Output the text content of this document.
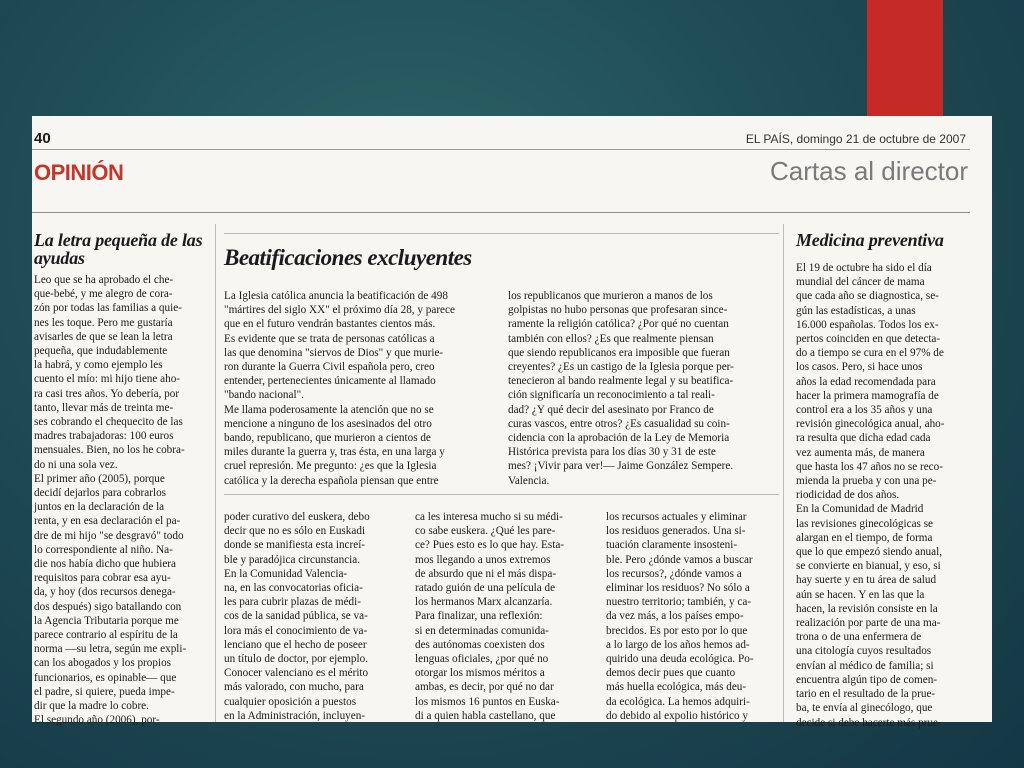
40	EL PAÍS, domingo 21 de octubre de 2007
OPINIÓN	Cartas al director
La letra pequeña de las ayudas

Leo que se ha aprobado el che-
que-bebé, y me alegro de cora-
zón por todas las familias a quie-
nes les toque. Pero me gustaría
avisarles de que se lean la letra
pequeña, que indudablemente
la habrá, y como ejemplo les
cuento el mío: mi hijo tiene aho-
ra casi tres años. Yo debería, por
tanto, llevar más de treinta me-
ses cobrando el chequecito de las
madres trabajadoras: 100 euros
mensuales. Bien, no los he cobra-
do ni una sola vez.

El primer año (2005), porque
decidí dejarlos para cobrarlos
juntos en la declaración de la
renta, y en esa declaración el pa-
dre de mi hijo "se desgravó" todo
lo correspondiente al niño. Na-
die nos había dicho que hubiera
requisitos para cobrar esa ayu-
da, y hoy (dos recursos denega-
dos después) sigo batallando con
la Agencia Tributaria porque me
parece contrario al espíritu de la
norma —su letra, según me expli-
can los abogados y los propios
funcionarios, es opinable— que
el padre, si quiere, pueda impe-
dir que la madre lo cobre.

El segundo año (2006), por-

Beatificaciones excluyentes

La Iglesia católica anuncia la beatificación de 498
"mártires del siglo XX" el próximo día 28, y parece
que en el futuro vendrán bastantes cientos más.
Es evidente que se trata de personas católicas a
las que denomina "siervos de Dios" y que murie-
ron durante la Guerra Civil española pero, creo
entender, pertenecientes únicamente al llamado
"bando nacional".

Me llama poderosamente la atención que no se
mencione a ninguno de los asesinados del otro
bando, republicano, que murieron a cientos de
miles durante la guerra y, tras ésta, en una larga y
cruel represión. Me pregunto: ¿es que la Iglesia
católica y la derecha española piensan que entre

los republicanos que murieron a manos de los
golpistas no hubo personas que profesaran since-
ramente la religión católica? ¿Por qué no cuentan
también con ellos? ¿Es que realmente piensan
que siendo republicanos era imposible que fueran
creyentes? ¿Es un castigo de la Iglesia porque per-
tenecieron al bando realmente legal y su beatifica-
ción significaría un reconocimiento a tal reali-
dad? ¿Y qué decir del asesinato por Franco de
curas vascos, entre otros? ¿Es casualidad su coin-
cidencia con la aprobación de la Ley de Memoria
Histórica prevista para los días 30 y 31 de este
mes? ¡Vivir para ver!— Jaime González Sempere.
Valencia.

poder curativo del euskera, debo
decir que no es sólo en Euskadi
donde se manifiesta esta increí-
ble y paradójica circunstancia.

En la Comunidad Valencia-
na, en las convocatorias oficia-
les para cubrir plazas de médi-
cos de la sanidad pública, se va-
lora más el conocimiento de va-
lenciano que el hecho de poseer
un título de doctor, por ejemplo.
Conocer valenciano es el mérito
más valorado, con mucho, para
cualquier oposición a puestos
en la Administración, incluyen-

ca les interesa mucho si su médi-
co sabe euskera. ¿Qué les pare-
ce? Pues esto es lo que hay. Esta-
mos llegando a unos extremos
de absurdo que ni el más dispa-
ratado guión de una película de
los hermanos Marx alcanzaría.

Para finalizar, una reflexión:
si en determinadas comunida-
des autónomas coexisten dos
lenguas oficiales, ¿por qué no
otorgar los mismos méritos a
ambas, es decir, por qué no dar
los mismos 16 puntos en Euska-
di a quien habla castellano, que

los recursos actuales y eliminar
los residuos generados. Una si-
tuación claramente insosteni-
ble. Pero ¿dónde vamos a buscar
los recursos?, ¿dónde vamos a
eliminar los residuos? No sólo a
nuestro territorio; también, y ca-
da vez más, a los países empo-
brecidos. Es por esto por lo que
a lo largo de los años hemos ad-
quirido una deuda ecológica. Po-
demos decir pues que cuanto
más huella ecológica, más deu-
da ecológica. La hemos adquiri-
do debido al expolio histórico y

Medicina preventiva

El 19 de octubre ha sido el día
mundial del cáncer de mama
que cada año se diagnostica, se-
gún las estadísticas, a unas
16.000 españolas. Todos los ex-
pertos coinciden en que detecta-
do a tiempo se cura en el 97% de
los casos. Pero, si hace unos
años la edad recomendada para
hacer la primera mamografía de
control era a los 35 años y una
revisión ginecológica anual, aho-
ra resulta que dicha edad cada
vez aumenta más, de manera
que hasta los 47 años no se reco-
mienda la prueba y con una pe-
riodicidad de dos años.

En la Comunidad de Madrid
las revisiones ginecológicas se
alargan en el tiempo, de forma
que lo que empezó siendo anual,
se convierte en bianual, y eso, si
hay suerte y en tu área de salud
aún se hacen. Y en las que la
hacen, la revisión consiste en la
realización por parte de una ma-
trona o de una enfermera de
una citología cuyos resultados
envían al médico de familia; si
encuentra algún tipo de comen-
tario en el resultado de la prue-
ba, te envía al ginecólogo, que
decide si debe hacerte más prue-
